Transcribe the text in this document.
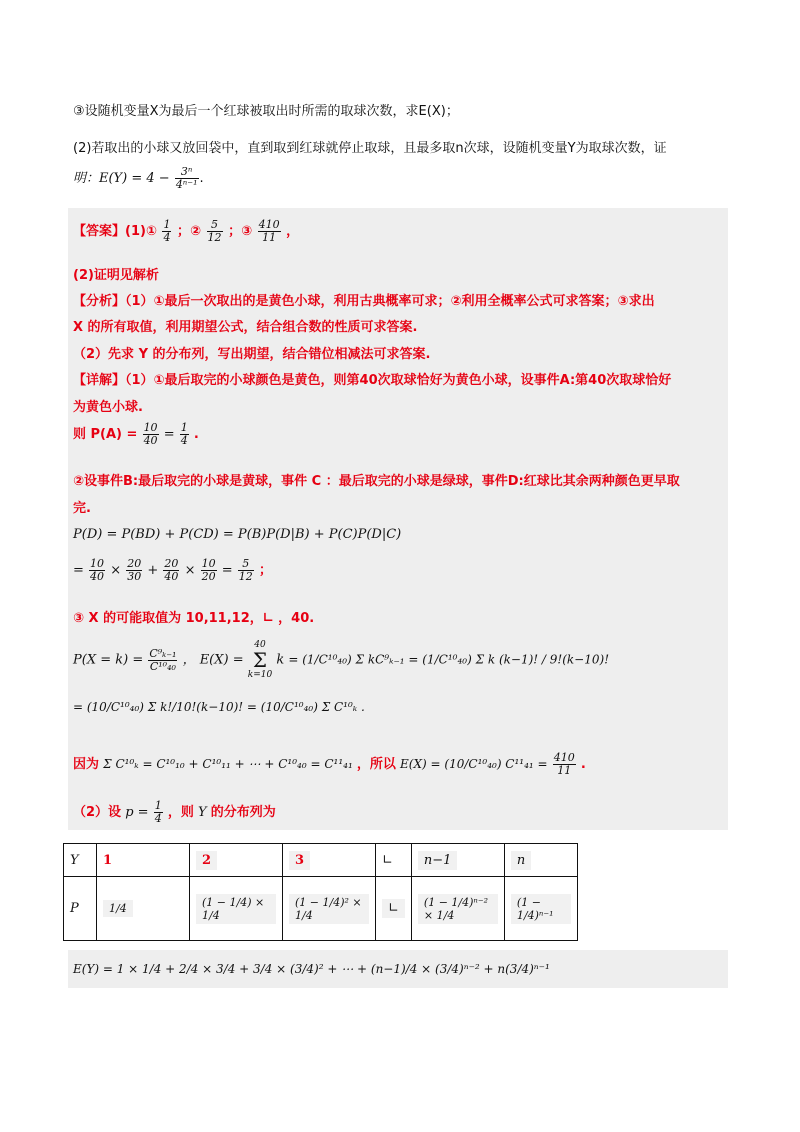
③设随机变量X为最后一个红球被取出时所需的取球次数，求E(X)；
(2)若取出的小球又放回袋中，直到取到红球就停止取球，且最多取n次球，设随机变量Y为取球次数，证
明：$E(Y) = 4 - \frac{\text{3ⁿ}}{\text{4ⁿ⁻¹}}$ .
【答案】(1)① $\frac{1}{4}$ ；② $\frac{5}{12}$ ；③ $\frac{410}{11}$ ，
(2)证明见解析
【分析】（1）①最后一次取出的是黄色小球，利用古典概率可求；②利用全概率公式可求答案；③求出
X 的所有取值，利用期望公式，结合组合数的性质可求答案.
（2）先求 Y 的分布列，写出期望，结合错位相减法可求答案.
【详解】（1）①最后取完的小球颜色是黄色，则第40次取球恰好为黄色小球，设事件A:第40次取球恰好
为黄色小球.
则 $P(A) = \frac{10}{40} = \frac{1}{4}$ .
②设事件B:最后取完的小球是黄球，事件 C ：最后取完的小球是绿球，事件D:红球比其余两种颜色更早取
完.
P(D) = P(BD) + P(CD) = P(B)P(D|B) + P(C)P(D|C)
= $\frac{10}{40} \times \frac{20}{30} + \frac{20}{40} \times \frac{10}{20} = \frac{5}{12}$ ；
③ X 的可能取值为 10,11,12，∟ ，40.
$P(X = k) = \frac{\text{C⁹ₖ₋₁}}{\text{C¹⁰₄₀}}$ ， E(X) =
40
Σ
k=10
k = (1/C¹⁰₄₀) Σ kC⁹ₖ₋₁ = (1/C¹⁰₄₀) Σ k (k−1)! / 9!(k−10)!
= (10/C¹⁰₄₀) Σ k!/10!(k−10)! = (10/C¹⁰₄₀) Σ C¹⁰ₖ .
因为 Σ C¹⁰ₖ = C¹⁰₁₀ + C¹⁰₁₁ + ⋯ + C¹⁰₄₀ = C¹¹₄₁ ，所以 E(X) = (10/C¹⁰₄₀) $C^{11}_{41} = \frac{410}{11}$ .
（2）设 $p = \frac{1}{4}$ ，则 Y 的分布列为
Y	1	2	3	∟	n−1	n
P	1/4	(1 − 1/4) × 1/4	(1 − 1/4)² × 1/4	∟	(1 − 1/4)ⁿ⁻² × 1/4	(1 − 1/4)ⁿ⁻¹
E(Y) = 1 × 1/4 + 2/4 × 3/4 + 3/4 × (3/4)² + ⋯ + (n−1)/4 × (3/4)ⁿ⁻² + n(3/4)ⁿ⁻¹
